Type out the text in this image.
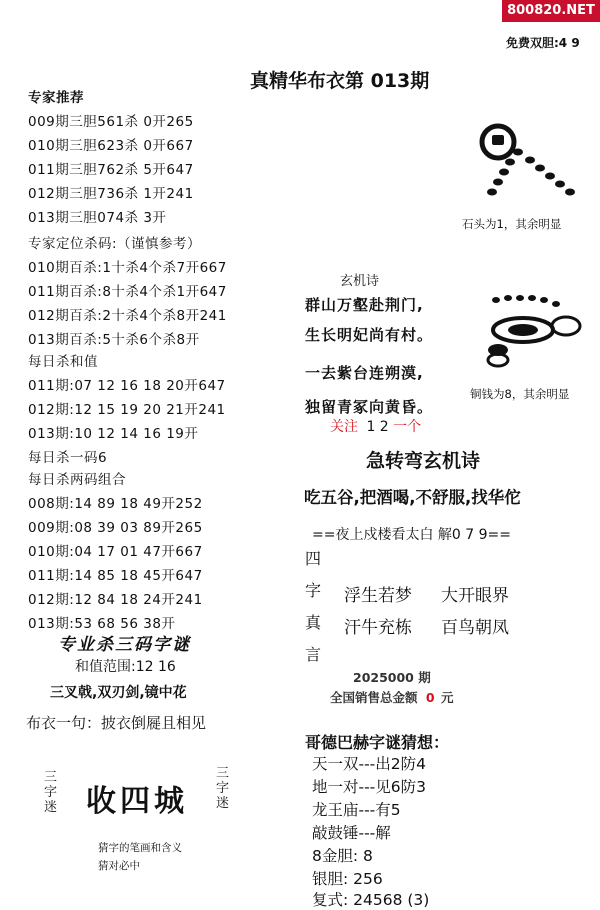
800820.NET
免费双胆:4 9
真精华布衣第 013期
专家推荐
009期三胆561杀 0开265
010期三胆623杀 0开667
011期三胆762杀 5开647
012期三胆736杀 1开241
013期三胆074杀 3开
专家定位杀码:（谨慎参考）
010期百杀:1十杀4个杀7开667
011期百杀:8十杀4个杀1开647
012期百杀:2十杀4个杀8开241
013期百杀:5十杀6个杀8开
每日杀和值
011期:07 12 16 18 20开647
012期:12 15 19 20 21开241
013期:10 12 14 16 19开
每日杀一码6
每日杀两码组合
008期:14 89 18 49开252
009期:08 39 03 89开265
010期:04 17 01 47开667
011期:14 85 18 45开647
012期:12 84 18 24开241
013期:53 68 56 38开
专业杀三码字谜
和值范围:12 16
三叉戟,双刃剑,镜中花
布衣一句：披衣倒屣且相见
三
字
迷 收四城
三
字
迷
猜字的笔画和含义
猜对必中
石头为1，其余明显
铜钱为8，其余明显
玄机诗
群山万壑赴荆门,
生长明妃尚有村。
一去紫台连朔漠,
独留青冢向黄昏。
关注 1 2 一个
急转弯玄机诗
吃五谷,把酒喝,不舒服,找华佗
==夜上戍楼看太白 解0 7 9==
四
字
真
言
浮生若梦 大开眼界
汗牛充栋 百鸟朝凤
2025000 期
全国销售总金额 0 元
哥德巴赫字谜猜想：
天一双---出2防4
地一对---见6防3
龙王庙---有5
敲鼓锤---解
8金胆: 8
银胆: 256
复式: 24568 (3)
